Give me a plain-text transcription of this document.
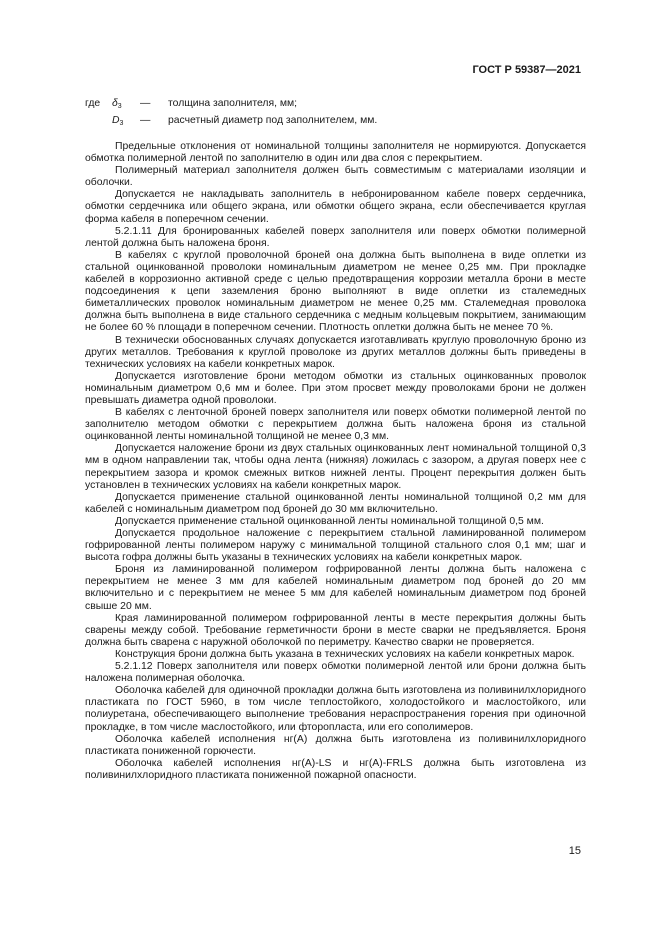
ГОСТ Р 59387—2021
где	$\delta_3$	—	толщина заполнителя, мм;
$D_3$	—	расчетный диаметр под заполнителем, мм.

Предельные отклонения от номинальной толщины заполнителя не нормируются. Допускается обмотка полимерной лентой по заполнителю в один или два слоя с перекрытием.

Полимерный материал заполнителя должен быть совместимым с материалами изоляции и оболочки.

Допускается не накладывать заполнитель в небронированном кабеле поверх сердечника, обмотки сердечника или общего экрана, или обмотки общего экрана, если обеспечивается круглая форма кабеля в поперечном сечении.

5.2.1.11 Для бронированных кабелей поверх заполнителя или поверх обмотки полимерной лентой должна быть наложена броня.

В кабелях с круглой проволочной броней она должна быть выполнена в виде оплетки из стальной оцинкованной проволоки номинальным диаметром не менее 0,25 мм. При прокладке кабелей в коррозионно активной среде с целью предотвращения коррозии металла брони в месте подсоединения к цепи заземления броню выполняют в виде оплетки из сталемедных биметаллических проволок номинальным диаметром не менее 0,25 мм. Сталемедная проволока должна быть выполнена в виде стального сердечника с медным кольцевым покрытием, занимающим не более 60 % площади в поперечном сечении. Плотность оплетки должна быть не менее 70 %.

В технически обоснованных случаях допускается изготавливать круглую проволочную броню из других металлов. Требования к круглой проволоке из других металлов должны быть приведены в технических условиях на кабели конкретных марок.

Допускается изготовление брони методом обмотки из стальных оцинкованных проволок номинальным диаметром 0,6 мм и более. При этом просвет между проволоками брони не должен превышать диаметра одной проволоки.

В кабелях с ленточной броней поверх заполнителя или поверх обмотки полимерной лентой по заполнителю методом обмотки с перекрытием должна быть наложена броня из стальной оцинкованной ленты номинальной толщиной не менее 0,3 мм.

Допускается наложение брони из двух стальных оцинкованных лент номинальной толщиной 0,3 мм в одном направлении так, чтобы одна лента (нижняя) ложилась с зазором, а другая поверх нее с перекрытием зазора и кромок смежных витков нижней ленты. Процент перекрытия должен быть установлен в технических условиях на кабели конкретных марок.

Допускается применение стальной оцинкованной ленты номинальной толщиной 0,2 мм для кабелей с номинальным диаметром под броней до 30 мм включительно.

Допускается применение стальной оцинкованной ленты номинальной толщиной 0,5 мм.

Допускается продольное наложение с перекрытием стальной ламинированной полимером гофрированной ленты полимером наружу с минимальной толщиной стального слоя 0,1 мм; шаг и высота гофра должны быть указаны в технических условиях на кабели конкретных марок.

Броня из ламинированной полимером гофрированной ленты должна быть наложена с перекрытием не менее 3 мм для кабелей номинальным диаметром под броней до 20 мм включительно и с перекрытием не менее 5 мм для кабелей номинальным диаметром под броней свыше 20 мм.

Края ламинированной полимером гофрированной ленты в месте перекрытия должны быть сварены между собой. Требование герметичности брони в месте сварки не предъявляется. Броня должна быть сварена с наружной оболочкой по периметру. Качество сварки не проверяется.

Конструкция брони должна быть указана в технических условиях на кабели конкретных марок.

5.2.1.12 Поверх заполнителя или поверх обмотки полимерной лентой или брони должна быть наложена полимерная оболочка.

Оболочка кабелей для одиночной прокладки должна быть изготовлена из поливинилхлоридного пластиката по ГОСТ 5960, в том числе теплостойкого, холодостойкого и маслостойкого, или полиуретана, обеспечивающего выполнение требования нераспространения горения при одиночной прокладке, в том числе маслостойкого, или фторопласта, или его сополимеров.

Оболочка кабелей исполнения нг(А) должна быть изготовлена из поливинилхлоридного пластиката пониженной горючести.

Оболочка кабелей исполнения нг(А)-LS и нг(А)-FRLS должна быть изготовлена из поливинилхлоридного пластиката пониженной пожарной опасности.

15
